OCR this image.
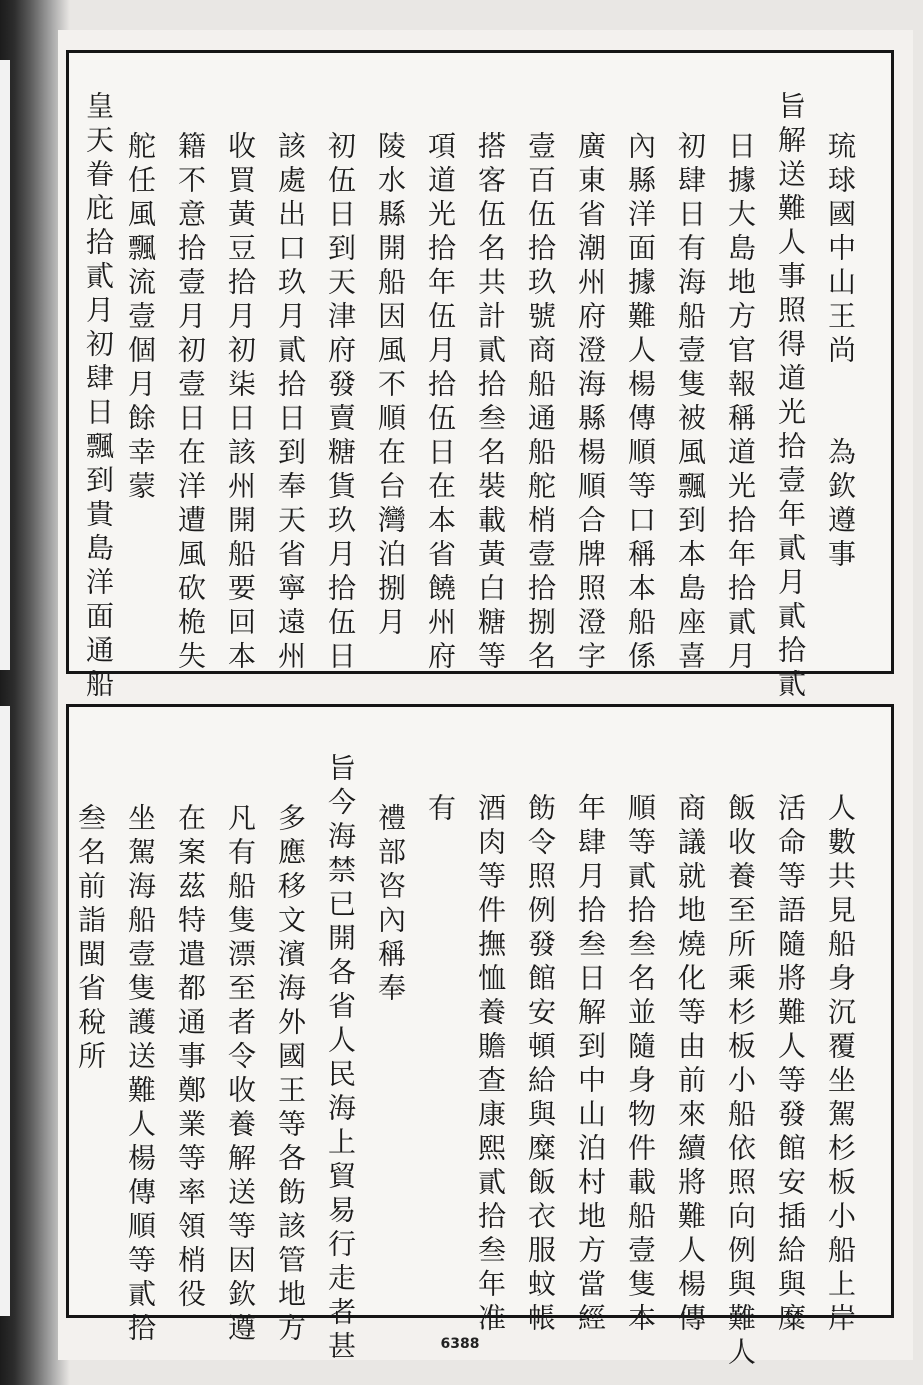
琉球國中山王尚　　為欽遵事
旨解送難人事照得道光拾壹年貳月貳拾貳
日據大島地方官報稱道光拾年拾貳月
初肆日有海船壹隻被風飄到本島座喜
內縣洋面據難人楊傳順等口稱本船係
廣東省潮州府澄海縣楊順合牌照澄字
壹百伍拾玖號商船通船舵梢壹拾捌名
搭客伍名共計貳拾叁名裝載黃白糖等
項道光拾年伍月拾伍日在本省饒州府
陵水縣開船因風不順在台灣泊捌月
初伍日到天津府發賣糖貨玖月拾伍日
該處出口玖月貳拾日到奉天省寧遠州
收買黃豆拾月初柒日該州開船要回本
籍不意拾壹月初壹日在洋遭風砍桅失
舵任風飄流壹個月餘幸蒙
皇天眷庇拾貳月初肆日飄到貴島洋面通船
人數共見船身沉覆坐駕杉板小船上岸
活命等語隨將難人等發館安插給與糜
飯收養至所乘杉板小船依照向例與難人
商議就地燒化等由前來續將難人楊傳
順等貳拾叁名並隨身物件載船壹隻本
年肆月拾叁日解到中山泊村地方當經
飭令照例發館安頓給與糜飯衣服蚊帳
酒肉等件撫恤養贍查康熙貳拾叁年准
有
禮部咨內稱奉
旨今海禁已開各省人民海上貿易行走者甚
多應移文濱海外國王等各飭該管地方
凡有船隻漂至者令收養解送等因欽遵
在案茲特遣都通事鄭業等率領梢役
坐駕海船壹隻護送難人楊傳順等貳拾
叁名前詣閩省稅所
6388
